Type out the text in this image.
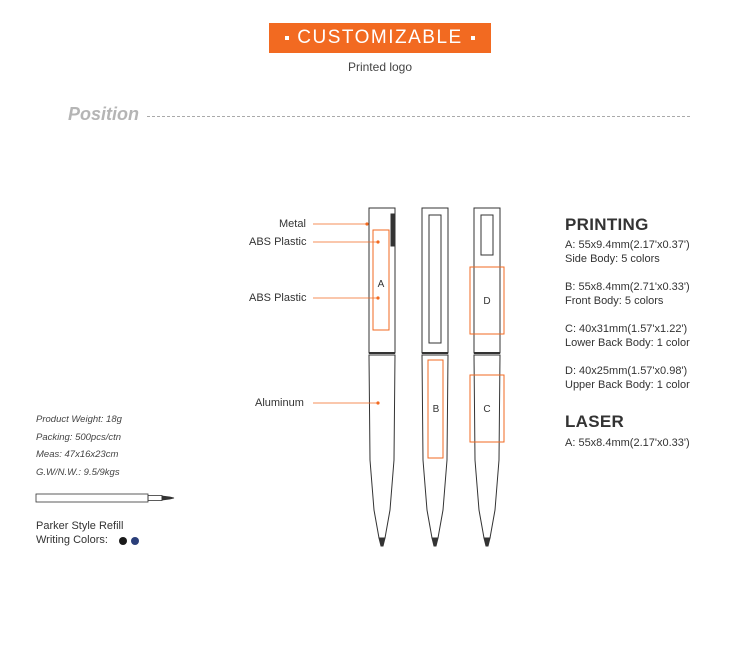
CUSTOMIZABLE
Printed logo
Position
A
B	C
D
Metal
ABS Plastic
ABS Plastic
Aluminum
Product Weight: 18g
Packing: 500pcs/ctn
Meas: 47x16x23cm
G.W/N.W.: 9.5/9kgs
Parker Style Refill
Writing Colors:
PRINTING
A: 55x9.4mm(2.17'x0.37')
Side Body: 5 colors
B: 55x8.4mm(2.71'x0.33')
Front Body: 5 colors
C: 40x31mm(1.57'x1.22')
Lower Back Body: 1 color
D: 40x25mm(1.57'x0.98')
Upper Back Body: 1 color
LASER
A: 55x8.4mm(2.17'x0.33')
